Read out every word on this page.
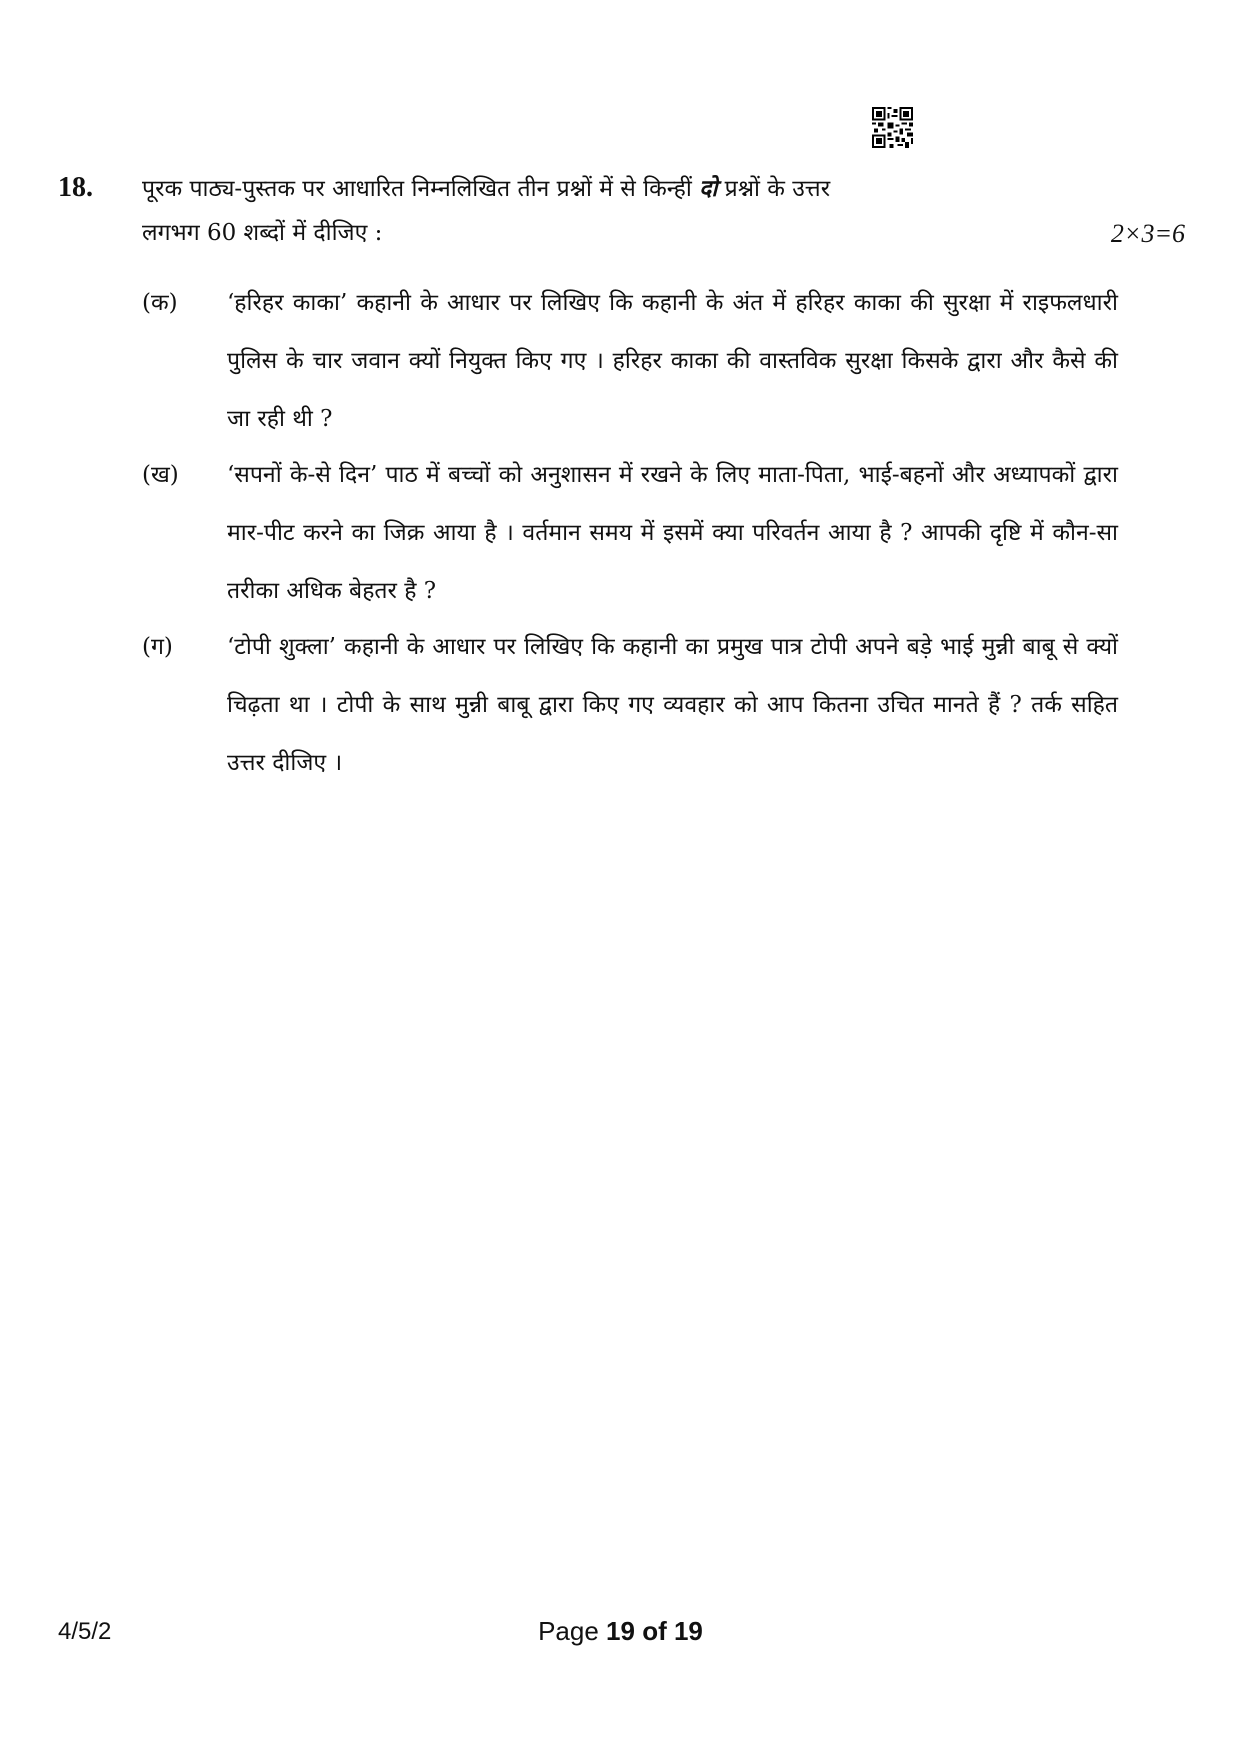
18. पूरक पाठ्य-पुस्तक पर आधारित निम्नलिखित तीन प्रश्नों में से किन्हीं दो प्रश्नों के उत्तर
लगभग 60 शब्दों में दीजिए :	2×3=6
(क) ‘हरिहर काका’ कहानी के आधार पर लिखिए कि कहानी के अंत में हरिहर काका की सुरक्षा में राइफलधारी पुलिस के चार जवान क्यों नियुक्त किए गए । हरिहर काका की वास्तविक सुरक्षा किसके द्वारा और कैसे की जा रही थी ?
(ख) ‘सपनों के-से दिन’ पाठ में बच्चों को अनुशासन में रखने के लिए माता-पिता, भाई-बहनों और अध्यापकों द्वारा मार-पीट करने का जिक्र आया है । वर्तमान समय में इसमें क्या परिवर्तन आया है ? आपकी दृष्टि में कौन-सा तरीका अधिक बेहतर है ?
(ग) ‘टोपी शुक्ला’ कहानी के आधार पर लिखिए कि कहानी का प्रमुख पात्र टोपी अपने बड़े भाई मुन्नी बाबू से क्यों चिढ़ता था । टोपी के साथ मुन्नी बाबू द्वारा किए गए व्यवहार को आप कितना उचित मानते हैं ? तर्क सहित उत्तर दीजिए ।
4/5/2	Page 19 of 19
